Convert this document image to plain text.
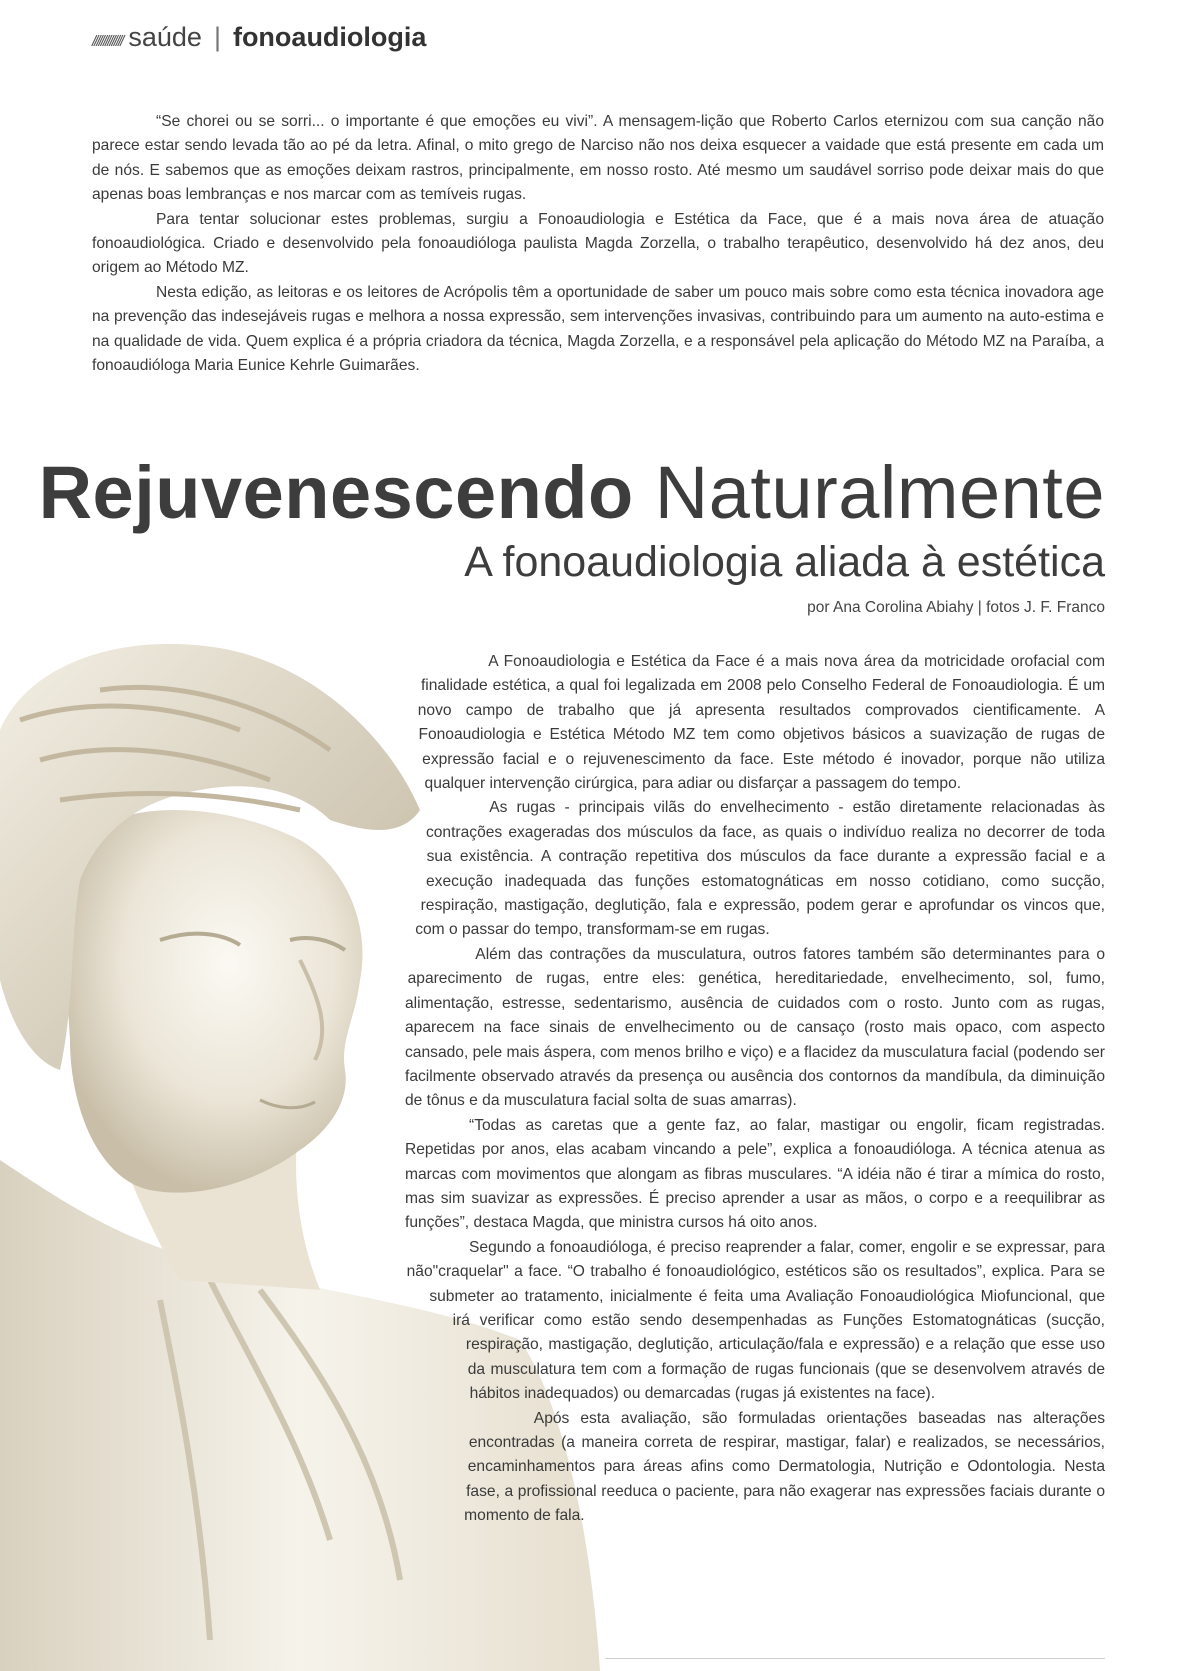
////////////// saúde | fonoaudiologia

“Se chorei ou se sorri... o importante é que emoções eu vivi”. A mensagem-lição que Roberto Carlos eternizou com sua canção não parece estar sendo levada tão ao pé da letra. Afinal, o mito grego de Narciso não nos deixa esquecer a vaidade que está presente em cada um de nós. E sabemos que as emoções deixam rastros, principalmente, em nosso rosto. Até mesmo um saudável sorriso pode deixar mais do que apenas boas lembranças e nos marcar com as temíveis rugas.

Para tentar solucionar estes problemas, surgiu a Fonoaudiologia e Estética da Face, que é a mais nova área de atuação fonoaudiológica. Criado e desenvolvido pela fonoaudióloga paulista Magda Zorzella, o trabalho terapêutico, desenvolvido há dez anos, deu origem ao Método MZ.

Nesta edição, as leitoras e os leitores de Acrópolis têm a oportunidade de saber um pouco mais sobre como esta técnica inovadora age na prevenção das indesejáveis rugas e melhora a nossa expressão, sem intervenções invasivas, contribuindo para um aumento na auto-estima e na qualidade de vida. Quem explica é a própria criadora da técnica, Magda Zorzella, e a responsável pela aplicação do Método MZ na Paraíba, a fonoaudióloga Maria Eunice Kehrle Guimarães.

Rejuvenescendo Naturalmente
A fonoaudiologia aliada à estética
por Ana Corolina Abiahy | fotos J. F. Franco

A Fonoaudiologia e Estética da Face é a mais nova área da motricidade orofacial com finalidade estética, a qual foi legalizada em 2008 pelo Conselho Federal de Fonoaudiologia. É um novo campo de trabalho que já apresenta resultados comprovados cientificamente. A Fonoaudiologia e Estética Método MZ tem como objetivos básicos a suavização de rugas de expressão facial e o rejuvenescimento da face. Este método é inovador, porque não utiliza qualquer intervenção cirúrgica, para adiar ou disfarçar a passagem do tempo.

As rugas - principais vilãs do envelhecimento - estão diretamente relacionadas às contrações exageradas dos músculos da face, as quais o indivíduo realiza no decorrer de toda sua existência. A contração repetitiva dos músculos da face durante a expressão facial e a execução inadequada das funções estomatognáticas em nosso cotidiano, como sucção, respiração, mastigação, deglutição, fala e expressão, podem gerar e aprofundar os vincos que, com o passar do tempo, transformam-se em rugas.

Além das contrações da musculatura, outros fatores também são determinantes para o aparecimento de rugas, entre eles: genética, hereditariedade, envelhecimento, sol, fumo, alimentação, estresse, sedentarismo, ausência de cuidados com o rosto. Junto com as rugas, aparecem na face sinais de envelhecimento ou de cansaço (rosto mais opaco, com aspecto cansado, pele mais áspera, com menos brilho e viço) e a flacidez da musculatura facial (podendo ser facilmente observado através da presença ou ausência dos contornos da mandíbula, da diminuição de tônus e da musculatura facial solta de suas amarras).

“Todas as caretas que a gente faz, ao falar, mastigar ou engolir, ficam registradas. Repetidas por anos, elas acabam vincando a pele”, explica a fonoaudióloga. A técnica atenua as marcas com movimentos que alongam as fibras musculares. “A idéia não é tirar a mímica do rosto, mas sim suavizar as expressões. É preciso aprender a usar as mãos, o corpo e a reequilibrar as funções”, destaca Magda, que ministra cursos há oito anos.

Segundo a fonoaudióloga, é preciso reaprender a falar, comer, engolir e se expressar, para não"craquelar" a face. “O trabalho é fonoaudiológico, estéticos são os resultados”, explica. Para se submeter ao tratamento, inicialmente é feita uma Avaliação Fonoaudiológica Miofuncional, que irá verificar como estão sendo desempenhadas as Funções Estomatognáticas (sucção, respiração, mastigação, deglutição, articulação/fala e expressão) e a relação que esse uso da musculatura tem com a formação de rugas funcionais (que se desenvolvem através de hábitos inadequados) ou demarcadas (rugas já existentes na face).

Após esta avaliação, são formuladas orientações baseadas nas alterações encontradas (a maneira correta de respirar, mastigar, falar) e realizados, se necessários, encaminhamentos para áreas afins como Dermatologia, Nutrição e Odontologia. Nesta fase, a profissional reeduca o paciente, para não exagerar nas expressões faciais durante o momento de fala.
